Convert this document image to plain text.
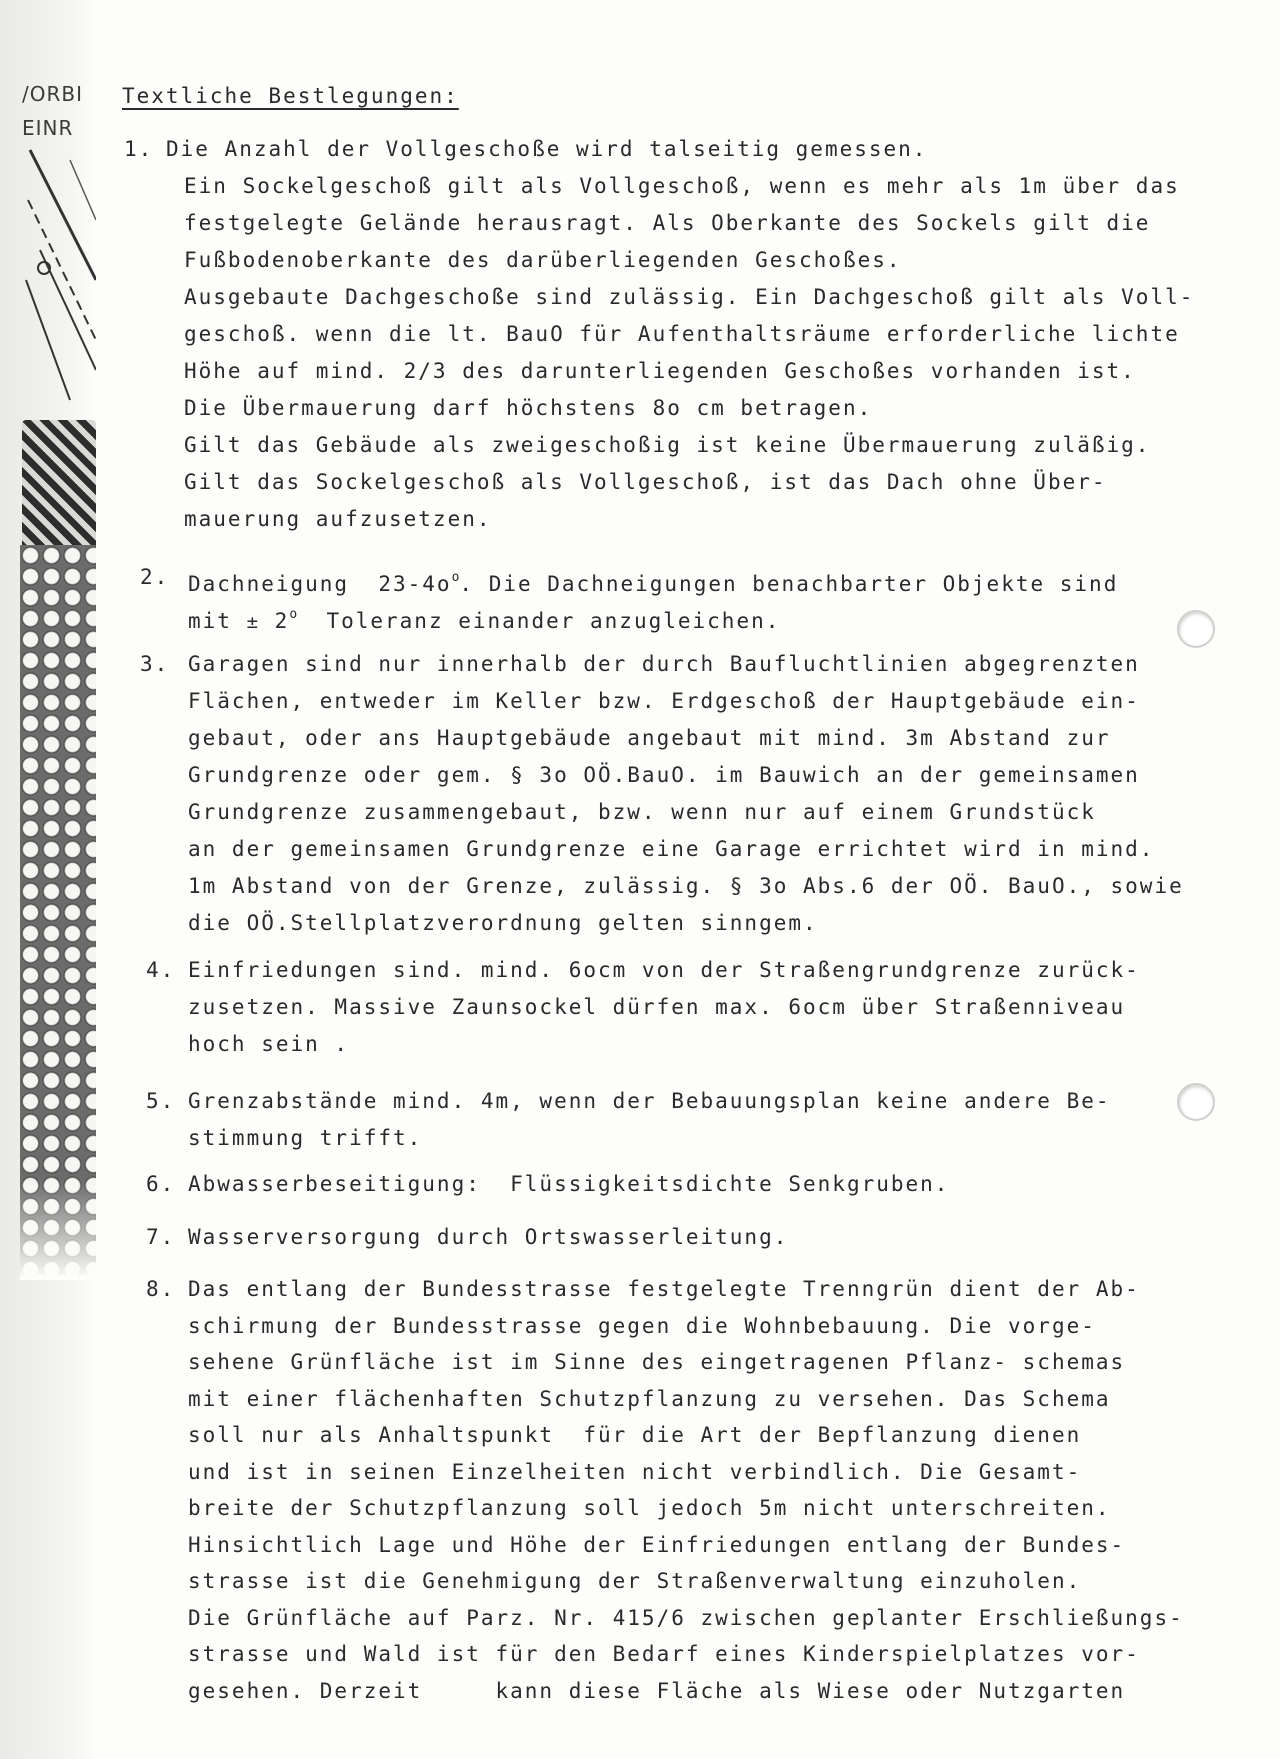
/ORBI
EINR
Textliche Bestlegungen:
1. Die Anzahl der Vollgeschoße wird talseitig gemessen.
Ein Sockelgeschoß gilt als Vollgeschoß, wenn es mehr als 1m über das
festgelegte Gelände herausragt. Als Oberkante des Sockels gilt die
Fußbodenoberkante des darüberliegenden Geschoßes.
Ausgebaute Dachgeschoße sind zulässig. Ein Dachgeschoß gilt als Voll-
geschoß. wenn die lt. BauO für Aufenthaltsräume erforderliche lichte
Höhe auf mind. 2/3 des darunterliegenden Geschoßes vorhanden ist.
Die Übermauerung darf höchstens 8o cm betragen.
Gilt das Gebäude als zweigeschoßig ist keine Übermauerung zuläßig.
Gilt das Sockelgeschoß als Vollgeschoß, ist das Dach ohne Über-
mauerung aufzusetzen.
2. Dachneigung  $23-4o^o$. Die Dachneigungen benachbarter Objekte sind
mit ± $2^o$  Toleranz einander anzugleichen.
3. Garagen sind nur innerhalb der durch Baufluchtlinien abgegrenzten
Flächen, entweder im Keller bzw. Erdgeschoß der Hauptgebäude ein-
gebaut, oder ans Hauptgebäude angebaut mit mind. 3m Abstand zur
Grundgrenze oder gem. § 3o OÖ.BauO. im Bauwich an der gemeinsamen
Grundgrenze zusammengebaut, bzw. wenn nur auf einem Grundstück
an der gemeinsamen Grundgrenze eine Garage errichtet wird in mind.
1m Abstand von der Grenze, zulässig. § 3o Abs.6 der OÖ. BauO., sowie
die OÖ.Stellplatzverordnung gelten sinngem.
4. Einfriedungen sind. mind. 6ocm von der Straßengrundgrenze zurück-
zusetzen. Massive Zaunsockel dürfen max. 6ocm über Straßenniveau
hoch sein .
5. Grenzabstände mind. 4m, wenn der Bebauungsplan keine andere Be-
stimmung trifft.
6. Abwasserbeseitigung:  Flüssigkeitsdichte Senkgruben.
7. Wasserversorgung durch Ortswasserleitung.
8. Das entlang der Bundesstrasse festgelegte Trenngrün dient der Ab-
schirmung der Bundesstrasse gegen die Wohnbebauung. Die vorge-
sehene Grünfläche ist im Sinne des eingetragenen Pflanz- schemas
mit einer flächenhaften Schutzpflanzung zu versehen. Das Schema
soll nur als Anhaltspunkt  für die Art der Bepflanzung dienen
und ist in seinen Einzelheiten nicht verbindlich. Die Gesamt-
breite der Schutzpflanzung soll jedoch 5m nicht unterschreiten.
Hinsichtlich Lage und Höhe der Einfriedungen entlang der Bundes-
strasse ist die Genehmigung der Straßenverwaltung einzuholen.
Die Grünfläche auf Parz. Nr. 415/6 zwischen geplanter Erschließungs-
strasse und Wald ist für den Bedarf eines Kinderspielplatzes vor-
gesehen. Derzeit     kann diese Fläche als Wiese oder Nutzgarten
